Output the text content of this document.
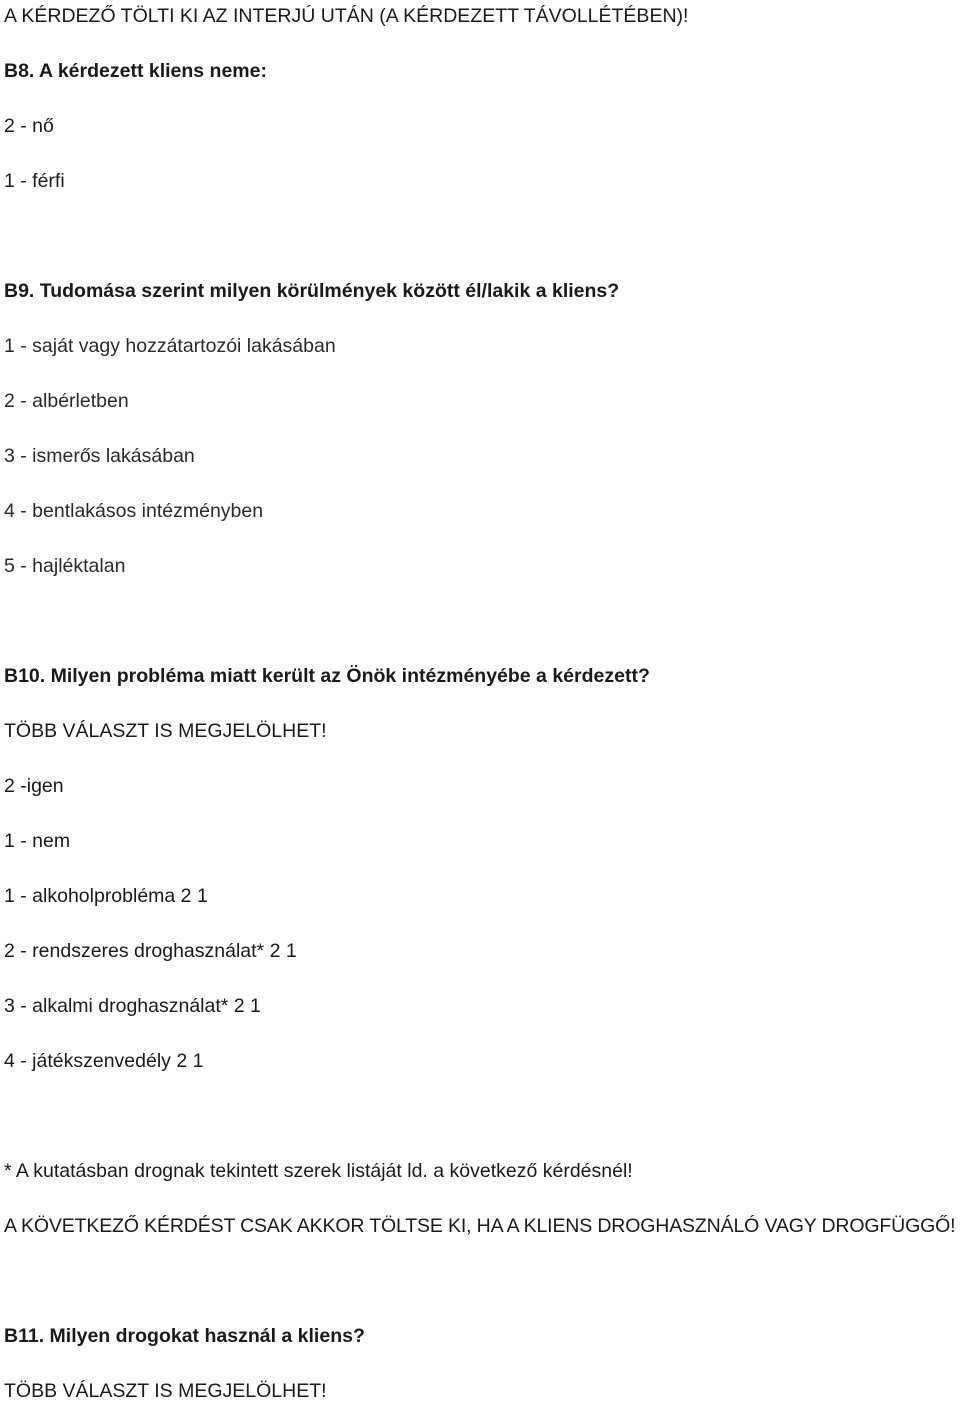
A KÉRDEZŐ TÖLTI KI AZ INTERJÚ UTÁN (A KÉRDEZETT TÁVOLLÉTÉBEN)!

B8. A kérdezett kliens neme:

2 - nő

1 - férfi

B9. Tudomása szerint milyen körülmények között él/lakik a kliens?

1 - saját vagy hozzátartozói lakásában

2 - albérletben

3 - ismerős lakásában

4 - bentlakásos intézményben

5 - hajléktalan

B10. Milyen probléma miatt került az Önök intézményébe a kérdezett?

TÖBB VÁLASZT IS MEGJELÖLHET!

2 -igen

1 - nem

1 - alkoholprobléma 2 1

2 - rendszeres droghasználat* 2 1

3 - alkalmi droghasználat* 2 1

4 - játékszenvedély 2 1

* A kutatásban drognak tekintett szerek listáját ld. a következő kérdésnél!

A KÖVETKEZŐ KÉRDÉST CSAK AKKOR TÖLTSE KI, HA A KLIENS DROGHASZNÁLÓ VAGY DROGFÜGGŐ!

B11. Milyen drogokat használ a kliens?

TÖBB VÁLASZT IS MEGJELÖLHET!
